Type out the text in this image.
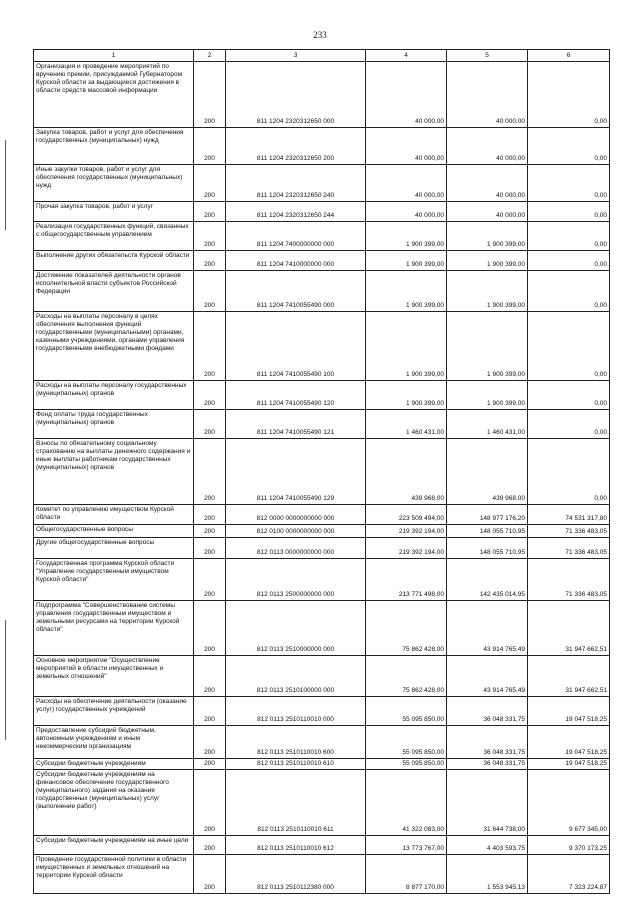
233
1	2	3	4	5	6
Организация и проведение мероприятий по вручению премии, присуждаемой Губернатором Курской области за выдающиеся достижения в области средств массовой информации	200	811 1204 2320312650 000	40 000,00	40 000,00	0,00
Закупка товаров, работ и услуг для обеспечения государственных (муниципальных) нужд	200	811 1204 2320312650 200	40 000,00	40 000,00	0,00
Иные закупки товаров, работ и услуг для обеспечения государственных (муниципальных) нужд	200	811 1204 2320312650 240	40 000,00	40 000,00	0,00
Прочая закупка товаров, работ и услуг	200	811 1204 2320312650 244	40 000,00	40 000,00	0,00
Реализация государственных функций, связанных с общегосударственным управлением	200	811 1204 7400000000 000	1 900 399,00	1 900 399,00	0,00
Выполнение других обязательств Курской области	200	811 1204 7410000000 000	1 900 399,00	1 900 399,00	0,00
Достижение показателей деятельности органов исполнительной власти субъектов Российской Федерации	200	811 1204 7410055490 000	1 900 399,00	1 900 399,00	0,00
Расходы на выплаты персоналу в целях обеспечения выполнения функций государственными (муниципальными) органами, казенными учреждениями, органами управления государственными внебюджетными фондами	200	811 1204 7410055490 100	1 900 399,00	1 900 399,00	0,00
Расходы на выплаты персоналу государственных (муниципальных) органов	200	811 1204 7410055490 120	1 900 399,00	1 900 399,00	0,00
Фонд оплаты труда государственных (муниципальных) органов	200	811 1204 7410055490 121	1 460 431,00	1 460 431,00	0,00
Взносы по обязательному социальному страхованию на выплаты денежного содержания и иные выплаты работникам государственных (муниципальных) органов	200	811 1204 7410055490 129	439 968,00	439 968,00	0,00
Комитет по управлению имуществом Курской области	200	812 0000 0000000000 000	223 509 494,00	148 977 176,20	74 531 317,80
Общегосударственные вопросы	200	812 0100 0000000000 000	219 392 194,00	148 055 710,95	71 336 483,05
Другие общегосударственные вопросы	200	812 0113 0000000000 000	219 392 194,00	148 055 710,95	71 336 483,05
Государственная программа Курской области "Управление государственным имуществом Курской области"	200	812 0113 2500000000 000	213 771 498,00	142 435 014,95	71 336 483,05
Подпрограмма "Совершенствование системы управления государственным имуществом и земельными ресурсами на территории Курской области"	200	812 0113 2510000000 000	75 862 428,00	43 914 765,49	31 947 662,51
Основное мероприятие "Осуществление мероприятий в области имущественных и земельных отношений"	200	812 0113 2510100000 000	75 862 428,00	43 914 765,49	31 947 662,51
Расходы на обеспечение деятельности (оказание услуг) государственных учреждений	200	812 0113 2510110010 000	55 095 850,00	36 048 331,75	19 047 518,25
Предоставление субсидий бюджетным, автономным учреждениям и иным некоммерческим организациям	200	812 0113 2510110010 600	55 095 850,00	36 048 331,75	19 047 518,25
Субсидии бюджетным учреждениям	200	812 0113 2510110010 610	55 095 850,00	36 048 331,75	19 047 518,25
Субсидии бюджетным учреждениям на финансовое обеспечение государственного (муниципального) задания на оказание государственных (муниципальных) услуг (выполнение работ)	200	812 0113 2510110010 611	41 322 083,00	31 644 738,00	9 677 345,00
Субсидии бюджетным учреждениям на иные цели	200	812 0113 2510110010 612	13 773 767,00	4 403 593,75	9 370 173,25
Проведение государственной политики в области имущественных и земельных отношений на территории Курской области	200	812 0113 2510112380 000	8 877 170,00	1 553 945,13	7 323 224,87
